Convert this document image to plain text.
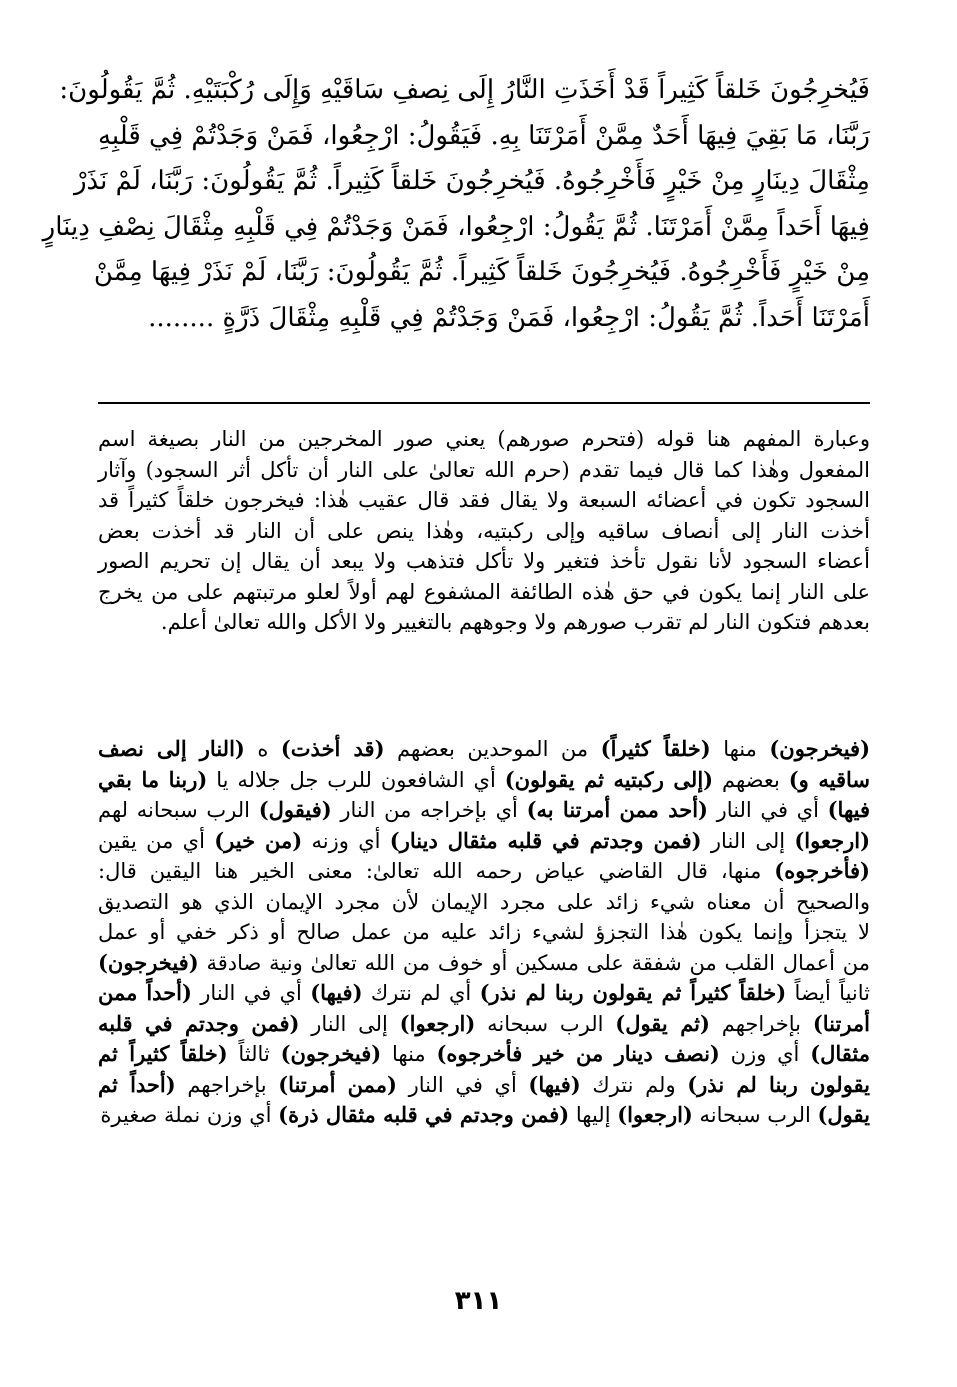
فَيُخرِجُونَ خَلقاً كَثِيراً قَدْ أَخَذَتِ النَّارُ إِلَى نِصفِ سَاقَيْهِ وَإِلَى رُكْبَتَيْهِ. ثُمَّ يَقُولُونَ:
رَبَّنَا، مَا بَقِيَ فِيهَا أَحَدٌ مِمَّنْ أَمَرْتَنَا بِهِ. فَيَقُولُ: ارْجِعُوا، فَمَنْ وَجَدْتُمْ فِي قَلْبِهِ
مِثْقَالَ دِينَارٍ مِنْ خَيْرٍ فَأَخْرِجُوهُ. فَيُخرِجُونَ خَلقاً كَثِيراً. ثُمَّ يَقُولُونَ: رَبَّنَا، لَمْ نَذَرْ
فِيهَا أَحَداً مِمَّنْ أَمَرْتَنَا. ثُمَّ يَقُولُ: ارْجِعُوا، فَمَنْ وَجَدْتُمْ فِي قَلْبِهِ مِثْقَالَ نِصْفِ دِينَارٍ
مِنْ خَيْرٍ فَأَخْرِجُوهُ. فَيُخرِجُونَ خَلقاً كَثِيراً. ثُمَّ يَقُولُونَ: رَبَّنَا، لَمْ نَذَرْ فِيهَا مِمَّنْ
أَمَرْتَنَا أَحَداً. ثُمَّ يَقُولُ: ارْجِعُوا، فَمَنْ وَجَدْتُمْ فِي قَلْبِهِ مِثْقَالَ ذَرَّةٍ ........
وعبارة المفهم هنا قوله (فتحرم صورهم) يعني صور المخرجين من النار بصيغة اسم
المفعول وهٰذا كما قال فيما تقدم (حرم الله تعالىٰ على النار أن تأكل أثر السجود) وآثار
السجود تكون في أعضائه السبعة ولا يقال فقد قال عقيب هٰذا: فيخرجون خلقاً كثيراً قد
أخذت النار إلى أنصاف ساقيه وإلى ركبتيه، وهٰذا ينص على أن النار قد أخذت بعض
أعضاء السجود لأنا نقول تأخذ فتغير ولا تأكل فتذهب ولا يبعد أن يقال إن تحريم الصور
على النار إنما يكون في حق هٰذه الطائفة المشفوع لهم أولاً لعلو مرتبتهم على من يخرج
بعدهم فتكون النار لم تقرب صورهم ولا وجوههم بالتغيير ولا الأكل والله تعالىٰ أعلم.
(فيخرجون) منها (خلقاً كثيراً) من الموحدين بعضهم (قد أخذت) ه (النار إلى نصف
ساقيه و) بعضهم (إلى ركبتيه ثم يقولون) أي الشافعون للرب جل جلاله يا (ربنا ما بقي
فيها) أي في النار (أحد ممن أمرتنا به) أي بإخراجه من النار (فيقول) الرب سبحانه لهم
(ارجعوا) إلى النار (فمن وجدتم في قلبه مثقال دينار) أي وزنه (من خير) أي من يقين
(فأخرجوه) منها، قال القاضي عياض رحمه الله تعالىٰ: معنى الخير هنا اليقين قال:
والصحيح أن معناه شيء زائد على مجرد الإيمان لأن مجرد الإيمان الذي هو التصديق
لا يتجزأ وإنما يكون هٰذا التجزؤ لشيء زائد عليه من عمل صالح أو ذكر خفي أو عمل
من أعمال القلب من شفقة على مسكين أو خوف من الله تعالىٰ ونية صادقة (فيخرجون)
ثانياً أيضاً (خلقاً كثيراً ثم يقولون ربنا لم نذر) أي لم نترك (فيها) أي في النار (أحداً ممن
أمرتنا) بإخراجهم (ثم يقول) الرب سبحانه (ارجعوا) إلى النار (فمن وجدتم في قلبه
مثقال) أي وزن (نصف دينار من خير فأخرجوه) منها (فيخرجون) ثالثاً (خلقاً كثيراً ثم
يقولون ربنا لم نذر) ولم نترك (فيها) أي في النار (ممن أمرتنا) بإخراجهم (أحداً ثم
يقول) الرب سبحانه (ارجعوا) إليها (فمن وجدتم في قلبه مثقال ذرة) أي وزن نملة صغيرة
٣١١
